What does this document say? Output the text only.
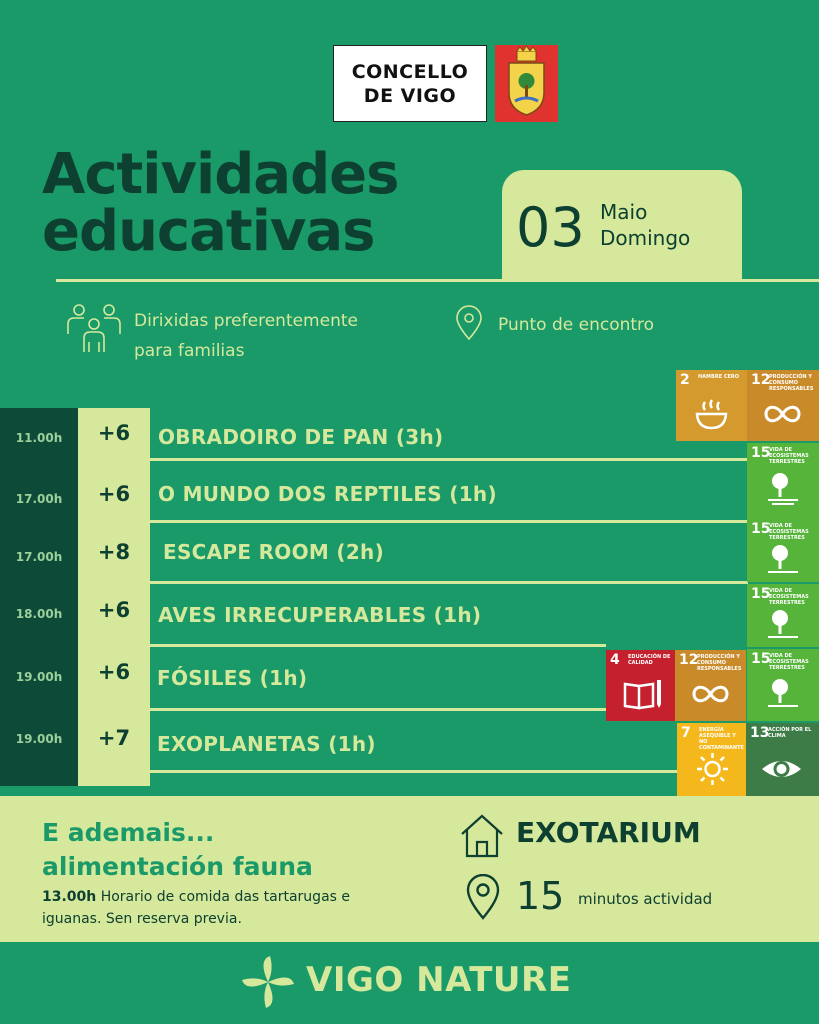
CONCELLO
DE VIGO
Actividades
educativas	03 Maio
Domingo
Dirixidas preferentemente
para familias
Punto de encontro
11.00h	+6	OBRADOIRO DE PAN (3h)
17.00h	+6	O MUNDO DOS REPTILES (1h)
17.00h	+8	ESCAPE ROOM (2h)
18.00h	+6	AVES IRRECUPERABLES (1h)
19.00h	+6	FÓSILES (1h)
19.00h	+7	EXOPLANETAS (1h)
2 HAMBRE CERO 12
PRODUCCIÓN Y CONSUMO RESPONSABLES
15
VIDA DE ECOSISTEMAS TERRESTRES
15
VIDA DE ECOSISTEMAS TERRESTRES
15
VIDA DE ECOSISTEMAS TERRESTRES
15
VIDA DE ECOSISTEMAS TERRESTRES
4 EDUCACIÓN DE CALIDAD	12
PRODUCCIÓN Y CONSUMO RESPONSABLES
7 ENERGÍA ASEQUIBLE Y NO CONTAMINANTE
13
ACCIÓN POR EL CLIMA
E ademais...
alimentación fauna
13.00h Horario de comida das tartarugas e iguanas. Sen reserva previa.
EXOTARIUM
15 minutos actividad
VIGO NATURE
